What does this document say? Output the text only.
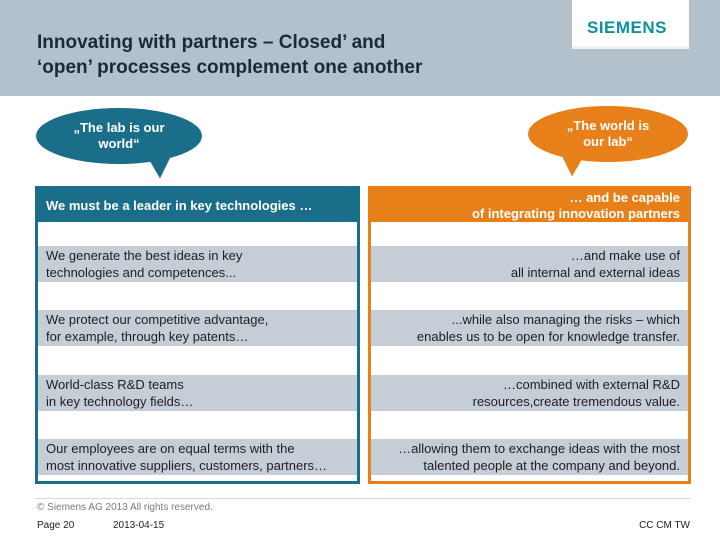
Innovating with partners – Closed’ and
‘open’ processes complement one another
SIEMENS
„The lab is our
world“
„The world is
our lab“
We must be a leader in key technologies …
We generate the best ideas in key
technologies and competences...
We protect our competitive advantage,
for example, through key patents…
World-class R&D teams
in key technology fields…
Our employees are on equal terms with the
most innovative suppliers, customers, partners…
… and be capable
of integrating innovation partners
…and make use of
all internal and external ideas
...while also managing the risks – which
enables us to be open for knowledge transfer.
…combined with external R&D
resources,create tremendous value.
…allowing them to exchange ideas with the most
talented people at the company and beyond.
© Siemens AG 2013 All rights reserved.
Page 20	2013-04-15	CC CM TW
